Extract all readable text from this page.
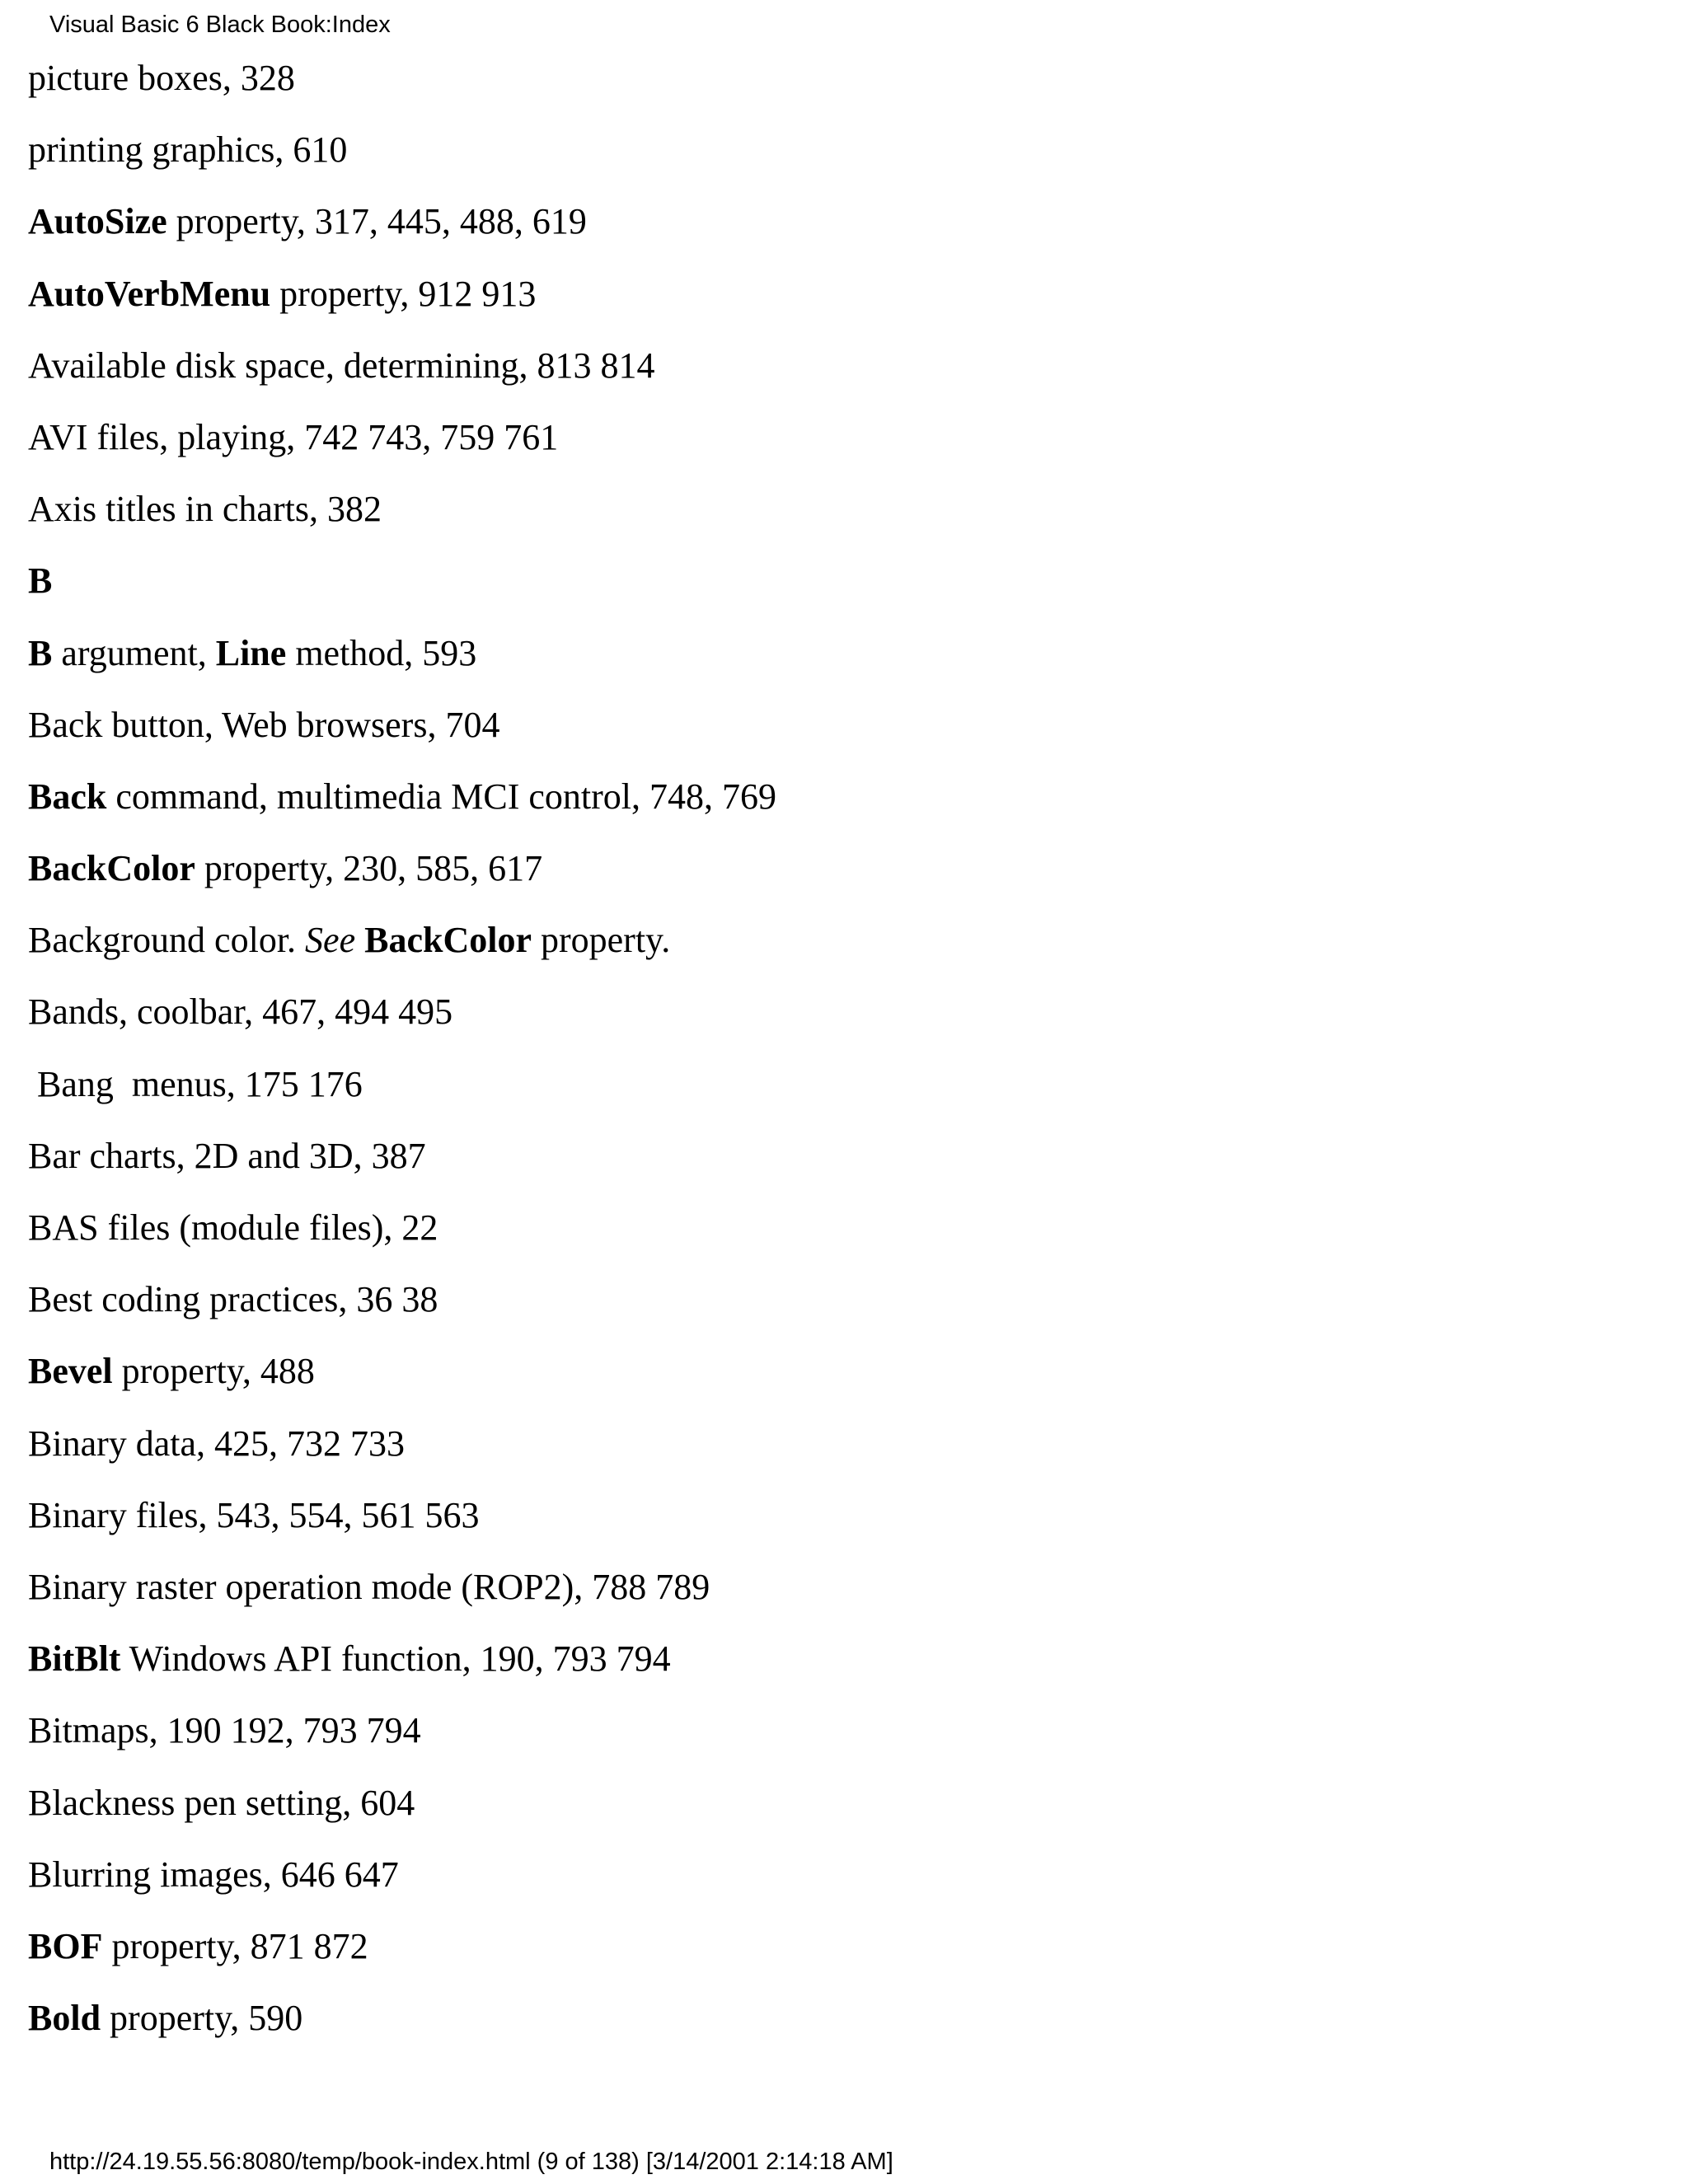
Visual Basic 6 Black Book:Index
picture boxes, 328
printing graphics, 610
AutoSize property, 317, 445, 488, 619
AutoVerbMenu property, 912 913
Available disk space, determining, 813 814
AVI files, playing, 742 743, 759 761
Axis titles in charts, 382
B
B argument, Line method, 593
Back button, Web browsers, 704
Back command, multimedia MCI control, 748, 769
BackColor property, 230, 585, 617
Background color. See BackColor property.
Bands, coolbar, 467, 494 495
Bang  menus, 175 176
Bar charts, 2D and 3D, 387
BAS files (module files), 22
Best coding practices, 36 38
Bevel property, 488
Binary data, 425, 732 733
Binary files, 543, 554, 561 563
Binary raster operation mode (ROP2), 788 789
BitBlt Windows API function, 190, 793 794
Bitmaps, 190 192, 793 794
Blackness pen setting, 604
Blurring images, 646 647
BOF property, 871 872
Bold property, 590
http://24.19.55.56:8080/temp/book-index.html (9 of 138) [3/14/2001 2:14:18 AM]
